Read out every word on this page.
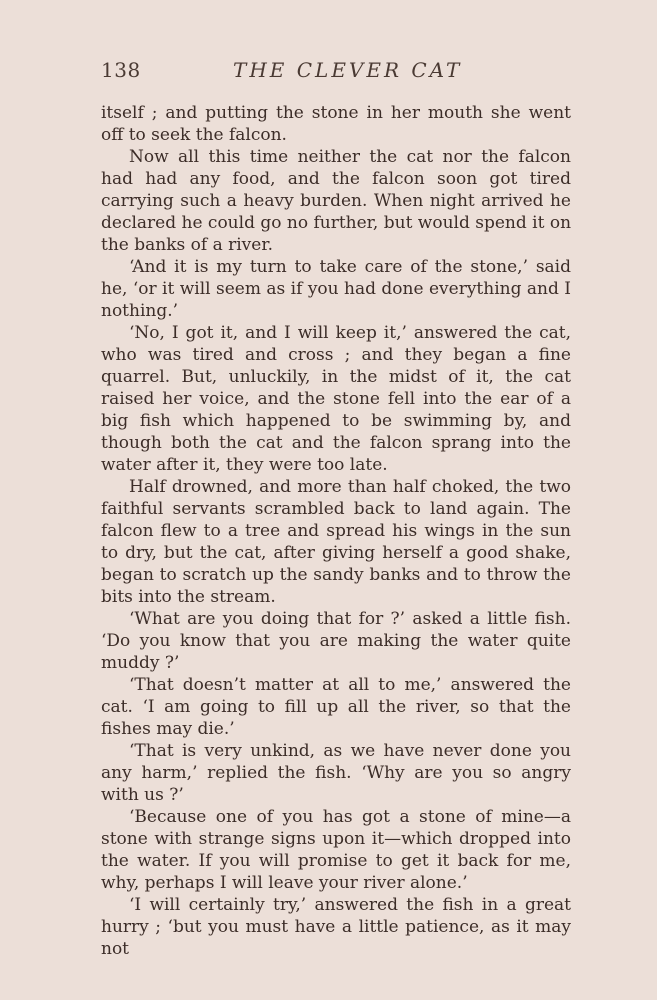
138	THE CLEVER CAT

itself ; and putting the stone in her mouth she went off to seek the falcon.

Now all this time neither the cat nor the falcon had had any food, and the falcon soon got tired carrying such a heavy burden. When night arrived he declared he could go no further, but would spend it on the banks of a river.

‘And it is my turn to take care of the stone,’ said he, ‘or it will seem as if you had done everything and I nothing.’

‘No, I got it, and I will keep it,’ answered the cat, who was tired and cross ; and they began a fine quarrel. But, unluckily, in the midst of it, the cat raised her voice, and the stone fell into the ear of a big fish which happened to be swimming by, and though both the cat and the falcon sprang into the water after it, they were too late.

Half drowned, and more than half choked, the two faithful servants scrambled back to land again. The falcon flew to a tree and spread his wings in the sun to dry, but the cat, after giving herself a good shake, began to scratch up the sandy banks and to throw the bits into the stream.

‘What are you doing that for ?’ asked a little fish. ‘Do you know that you are making the water quite muddy ?’

‘That doesn’t matter at all to me,’ answered the cat. ‘I am going to fill up all the river, so that the fishes may die.’

‘That is very unkind, as we have never done you any harm,’ replied the fish. ‘Why are you so angry with us ?’

‘Because one of you has got a stone of mine—a stone with strange signs upon it—which dropped into the water. If you will promise to get it back for me, why, perhaps I will leave your river alone.’

‘I will certainly try,’ answered the fish in a great hurry ; ‘but you must have a little patience, as it may not
